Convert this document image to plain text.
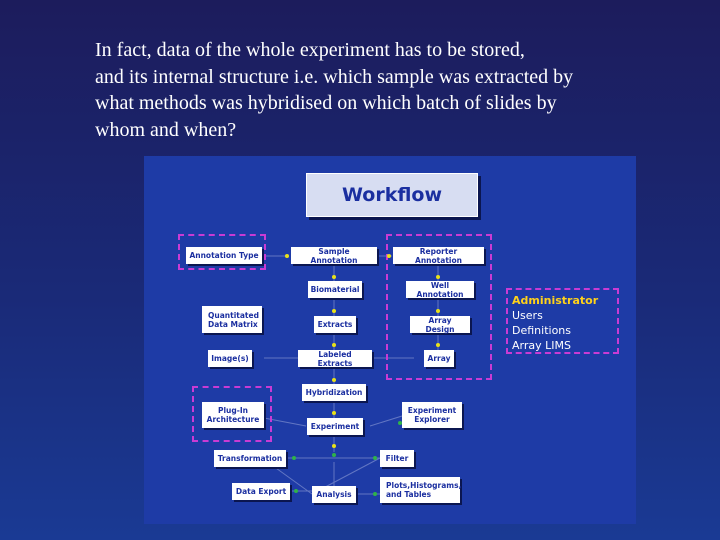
In fact, data of the whole experiment has to be stored,
and its internal structure i.e. which sample was extracted by
what methods was hybridised on which batch of slides by
whom and when?
Workflow
Annotation Type	Sample Annotation
Reporter Annotation
Biomaterial	Well Annotation
Quantitated
Data Matrix	Extracts	Array Design
Image(s)	Labeled Extracts	Array
Hybridization
Plug-In
Architecture
Experiment
Explorer
Experiment
Transformation	Filter
Data Export	Analysis
Plots,Histograms,
and Tables
Administrator
Users
Definitions
Array LIMS
